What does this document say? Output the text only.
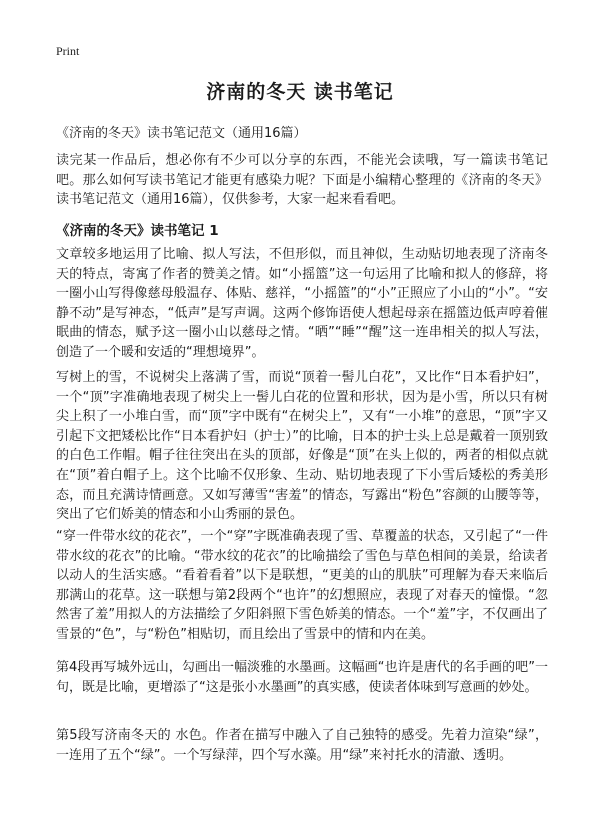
Print
济南的冬天 读书笔记

《济南的冬天》读书笔记范文（通用16篇）

读完某一作品后，想必你有不少可以分享的东西，不能光会读哦，写一篇读书笔记吧。那么如何写读书笔记才能更有感染力呢？下面是小编精心整理的《济南的冬天》读书笔记范文（通用16篇），仅供参考，大家一起来看看吧。

《济南的冬天》读书笔记 1

文章较多地运用了比喻、拟人写法，不但形似，而且神似，生动贴切地表现了济南冬天的特点，寄寓了作者的赞美之情。如“小摇篮”这一句运用了比喻和拟人的修辞，将一圈小山写得像慈母般温存、体贴、慈祥，“小摇篮”的“小”正照应了小山的“小”。“安静不动”是写神态，“低声”是写声调。这两个修饰语使人想起母亲在摇篮边低声哼着催眠曲的情态，赋予这一圈小山以慈母之情。“晒”“睡”“醒”这一连串相关的拟人写法，创造了一个暖和安适的“理想境界”。

写树上的雪，不说树尖上落满了雪，而说“顶着一髻儿白花”，又比作“日本看护妇”，一个“顶”字准确地表现了树尖上一髻儿白花的位置和形状，因为是小雪，所以只有树尖上积了一小堆白雪，而“顶”字中既有“在树尖上”，又有“一小堆”的意思，“顶”字又引起下文把矮松比作“日本看护妇（护士）”的比喻，日本的护士头上总是戴着一顶别致的白色工作帽。帽子往往突出在头的顶部，好像是“顶”在头上似的，两者的相似点就在“顶”着白帽子上。这个比喻不仅形象、生动、贴切地表现了下小雪后矮松的秀美形态，而且充满诗情画意。又如写薄雪“害羞”的情态，写露出“粉色”容颜的山腰等等，突出了它们娇美的情态和小山秀丽的景色。

“穿一件带水纹的花衣”，一个“穿”字既准确表现了雪、草覆盖的状态，又引起了“一件带水纹的花衣”的比喻。“带水纹的花衣”的比喻描绘了雪色与草色相间的美景，给读者以动人的生活实感。“看着看着”以下是联想，“更美的山的肌肤”可理解为春天来临后那满山的花草。这一联想与第2段两个“也许”的幻想照应，表现了对春天的憧憬。“忽然害了羞”用拟人的方法描绘了夕阳斜照下雪色娇美的情态。一个“羞”字，不仅画出了雪景的“色”，与“粉色”相贴切，而且绘出了雪景中的情和内在美。

第4段再写城外远山，勾画出一幅淡雅的水墨画。这幅画“也许是唐代的名手画的吧”一句，既是比喻，更增添了“这是张小水墨画”的真实感，使读者体味到写意画的妙处。

第5段写济南冬天的 水色。作者在描写中融入了自己独特的感受。先着力渲染“绿”，一连用了五个“绿”。一个写绿萍，四个写水藻。用“绿”来衬托水的清澈、透明。
